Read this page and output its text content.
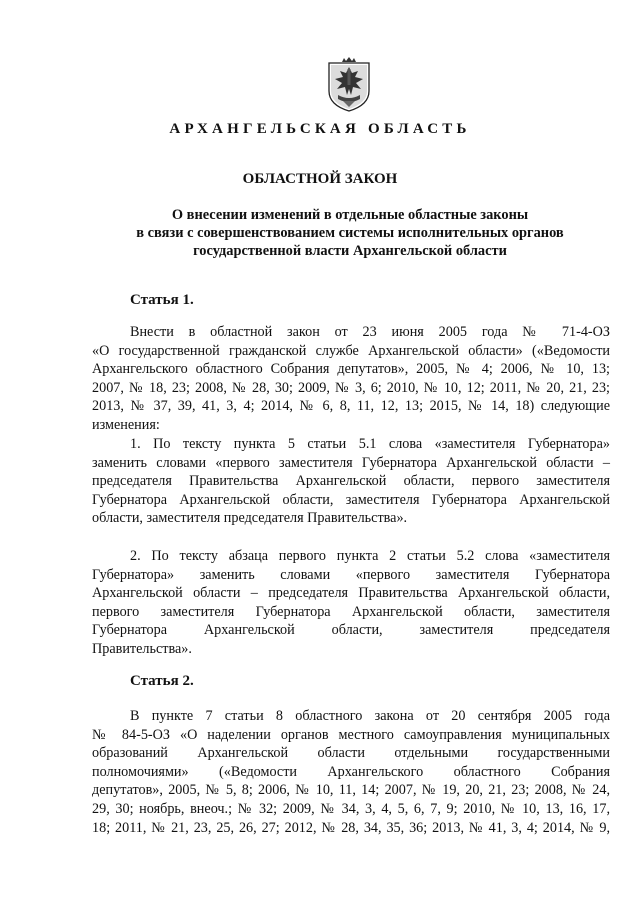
АРХАНГЕЛЬСКАЯ ОБЛАСТЬ
ОБЛАСТНОЙ ЗАКОН
О внесении изменений в отдельные областные законы
в связи с совершенствованием системы исполнительных органов
государственной власти Архангельской области
Статья 1.
Внести в областной закон от 23 июня 2005 года № 71-4-ОЗ
«О государственной гражданской службе Архангельской области» («Ведомости
Архангельского областного Собрания депутатов», 2005, № 4; 2006, № 10, 13;
2007, № 18, 23; 2008, № 28, 30; 2009, № 3, 6; 2010, № 10, 12; 2011, № 20, 21, 23;
2013, № 37, 39, 41, 3, 4; 2014, № 6, 8, 11, 12, 13; 2015, № 14, 18) следующие
изменения:
1. По тексту пункта 5 статьи 5.1 слова «заместителя Губернатора»
заменить словами «первого заместителя Губернатора Архангельской области –
председателя Правительства Архангельской области, первого заместителя
Губернатора Архангельской области, заместителя Губернатора Архангельской
области, заместителя председателя Правительства».
2. По тексту абзаца первого пункта 2 статьи 5.2 слова «заместителя
Губернатора» заменить словами «первого заместителя Губернатора
Архангельской области – председателя Правительства Архангельской области,
первого заместителя Губернатора Архангельской области, заместителя
Губернатора Архангельской области, заместителя председателя
Правительства».
Статья 2.
В пункте 7 статьи 8 областного закона от 20 сентября 2005 года
№ 84-5-ОЗ «О наделении органов местного самоуправления муниципальных
образований Архангельской области отдельными государственными
полномочиями» («Ведомости Архангельского областного Собрания
депутатов», 2005, № 5, 8; 2006, № 10, 11, 14; 2007, № 19, 20, 21, 23; 2008, № 24,
29, 30; ноябрь, внеоч.; № 32; 2009, № 34, 3, 4, 5, 6, 7, 9; 2010, № 10, 13, 16, 17,
18; 2011, № 21, 23, 25, 26, 27; 2012, № 28, 34, 35, 36; 2013, № 41, 3, 4; 2014, № 9,
